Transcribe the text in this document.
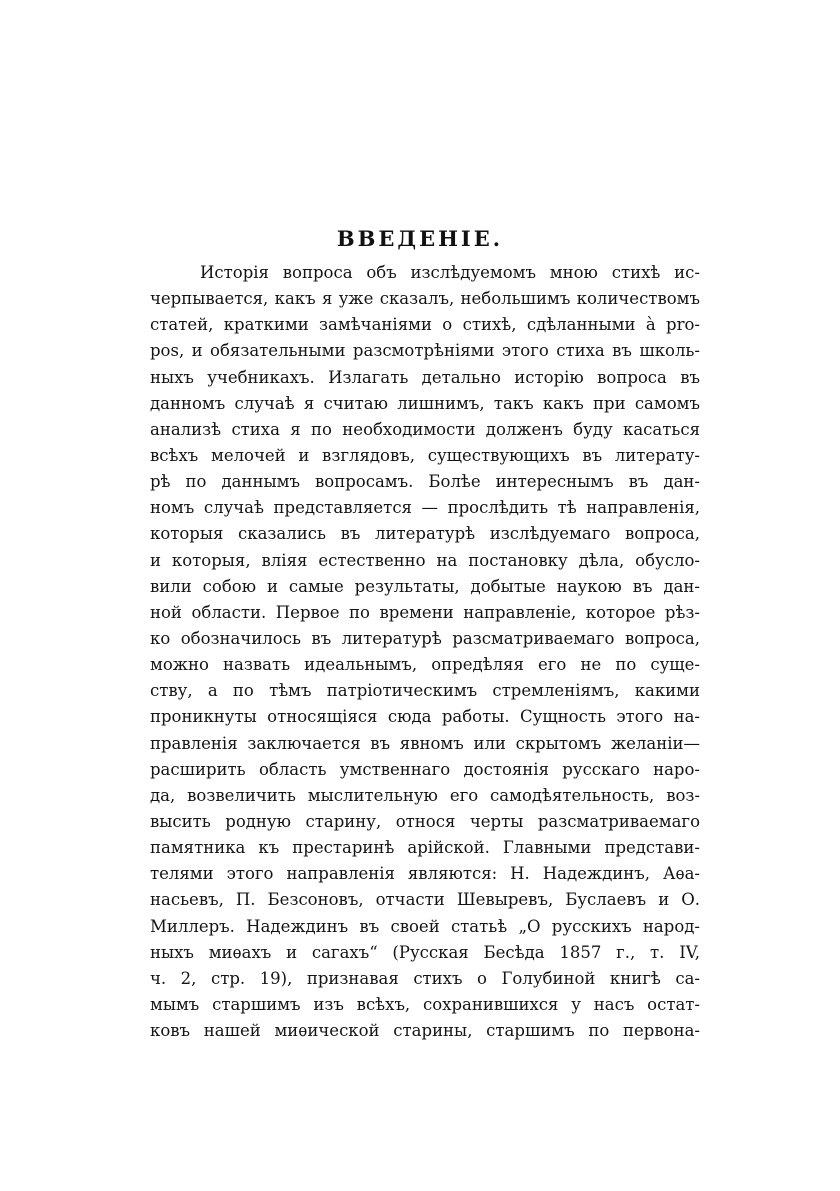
ВВЕДЕНIЕ.
Исторiя вопроса объ изслѣдуемомъ мною стихѣ ис-
черпывается, какъ я уже сказалъ, небольшимъ количествомъ
статей, краткими замѣчанiями о стихѣ, сдѣланными à pro-
pos, и обязательными разсмотрѣнiями этого стиха въ школь-
ныхъ учебникахъ. Излагать детально исторiю вопроса въ
данномъ случаѣ я считаю лишнимъ, такъ какъ при самомъ
анализѣ стиха я по необходимости долженъ буду касаться
всѣхъ мелочей и взглядовъ, существующихъ въ литерату-
рѣ по даннымъ вопросамъ. Болѣе интереснымъ въ дан-
номъ случаѣ представляется — прослѣдить тѣ направленiя,
которыя сказались въ литературѣ изслѣдуемаго вопроса,
и которыя, влiяя естественно на постановку дѣла, обусло-
вили собою и самые результаты, добытые наукою въ дан-
ной области. Первое по времени направленiе, которое рѣз-
ко обозначилось въ литературѣ разсматриваемаго вопроса,
можно назвать идеальнымъ, опредѣляя его не по суще-
ству, а по тѣмъ патрiотическимъ стремленiямъ, какими
проникнуты относящiяся сюда работы. Сущность этого на-
правленiя заключается въ явномъ или скрытомъ желанiи—
расширить область умственнаго достоянiя русскаго наро-
да, возвеличить мыслительную его самодѣятельность, воз-
высить родную старину, относя черты разсматриваемаго
памятника къ престаринѣ арiйской. Главными представи-
телями этого направленiя являются: Н. Надеждинъ, Аѳа-
насьевъ, П. Безсоновъ, отчасти Шевыревъ, Буслаевъ и О.
Миллеръ. Надеждинъ въ своей статьѣ „О русскихъ народ-
ныхъ миѳахъ и сагахъ“ (Русская Бесѣда 1857 г., т. IV,
ч. 2, стр. 19), признавая стихъ о Голубиной книгѣ са-
мымъ старшимъ изъ всѣхъ, сохранившихся у насъ остат-
ковъ нашей миѳической старины, старшимъ по первона-
